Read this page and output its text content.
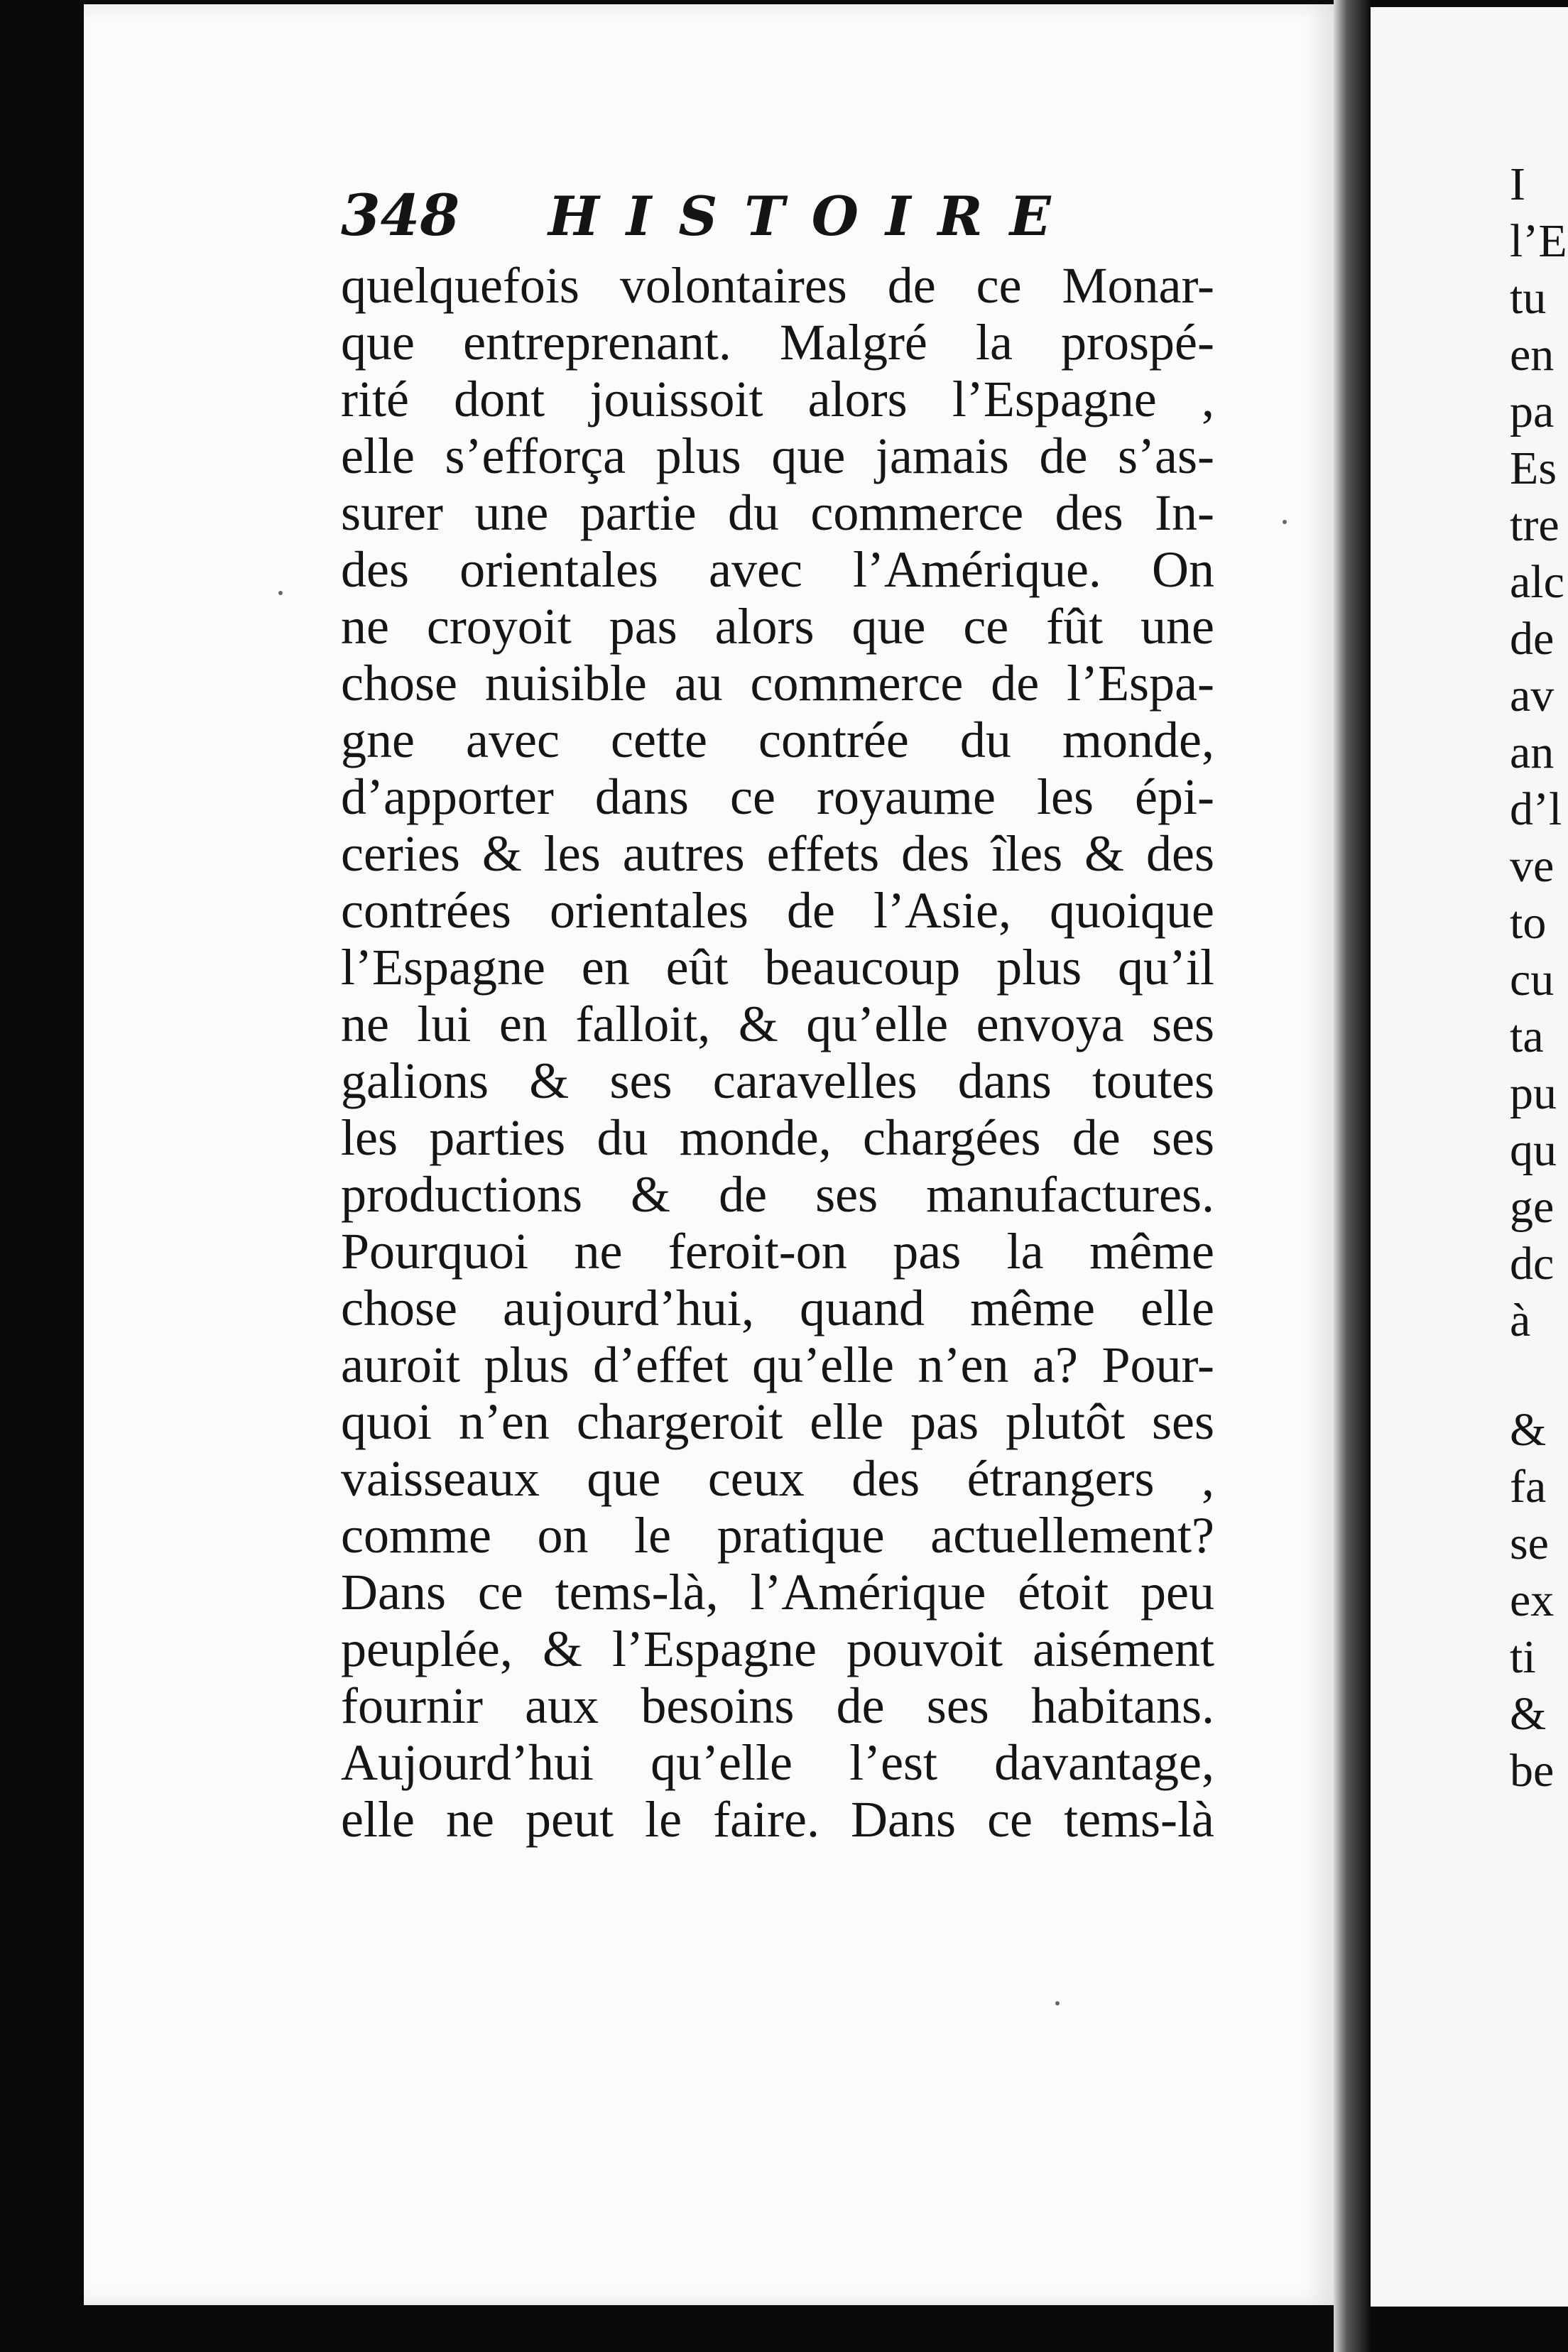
348 HISTOIRE
quelquefois volontaires de ce Monar-
que entreprenant. Malgré la prospé-
rité dont jouissoit alors l’Espagne ,
elle s’efforça plus que jamais de s’as-
surer une partie du commerce des In-
des orientales avec l’Amérique. On
ne croyoit pas alors que ce fût une
chose nuisible au commerce de l’Espa-
gne avec cette contrée du monde,
d’apporter dans ce royaume les épi-
ceries & les autres effets des îles & des
contrées orientales de l’Asie, quoique
l’Espagne en eût beaucoup plus qu’il
ne lui en falloit, & qu’elle envoya ses
galions & ses caravelles dans toutes
les parties du monde, chargées de ses
productions & de ses manufactures.
Pourquoi ne feroit-on pas la même
chose aujourd’hui, quand même elle
auroit plus d’effet qu’elle n’en a? Pour-
quoi n’en chargeroit elle pas plutôt ses
vaisseaux que ceux des étrangers ,
comme on le pratique actuellement?
Dans ce tems-là, l’Amérique étoit peu
peuplée, & l’Espagne pouvoit aisément
fournir aux besoins de ses habitans.
Aujourd’hui qu’elle l’est davantage,
elle ne peut le faire. Dans ce tems-là
I
l’E
tu
en
pa
Es
tre
alc
de
av
an
d’l
ve
to
cu
ta
pu
qu
ge
dc
à
&
fa
se
ex
ti
&
be
